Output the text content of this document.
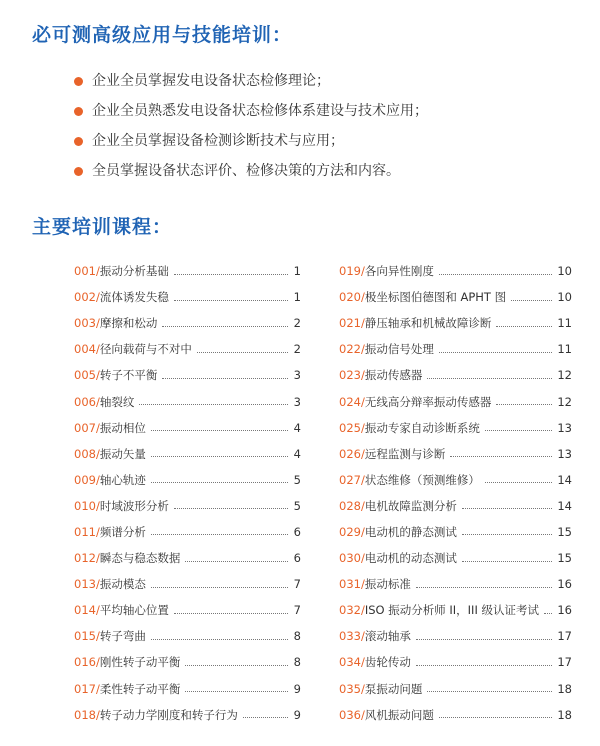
必可测高级应用与技能培训：
企业全员掌握发电设备状态检修理论；
企业全员熟悉发电设备状态检修体系建设与技术应用；
企业全员掌握设备检测诊断技术与应用；
全员掌握设备状态评价、检修决策的方法和内容。
主要培训课程：
001/ 振动分析基础	1
002/ 流体诱发失稳	1
003/ 摩擦和松动	2
004/ 径向载荷与不对中	2
005/ 转子不平衡	3
006/ 轴裂纹	3
007/ 振动相位	4
008/ 振动矢量	4
009/ 轴心轨迹	5
010/ 时域波形分析	5
011/ 频谱分析	6
012/ 瞬态与稳态数据	6
013/ 振动模态	7
014/ 平均轴心位置	7
015/ 转子弯曲	8
016/ 刚性转子动平衡	8
017/ 柔性转子动平衡	9
018/ 转子动力学刚度和转子行为	9
019/ 各向异性刚度	10
020/ 极坐标图伯德图和 APHT 图	10
021/ 静压轴承和机械故障诊断	11
022/ 振动信号处理	11
023/ 振动传感器	12
024/ 无线高分辩率振动传感器	12
025/ 振动专家自动诊断系统	13
026/ 远程监测与诊断	13
027/ 状态维修（预测维修）	14
028/ 电机故障监测分析	14
029/ 电动机的静态测试	15
030/ 电动机的动态测试	15
031/ 振动标准	16
032/ ISO 振动分析师 II，III 级认证考试 16
033/ 滚动轴承	17
034/ 齿轮传动	17
035/ 泵振动问题	18
036/ 风机振动问题	18
